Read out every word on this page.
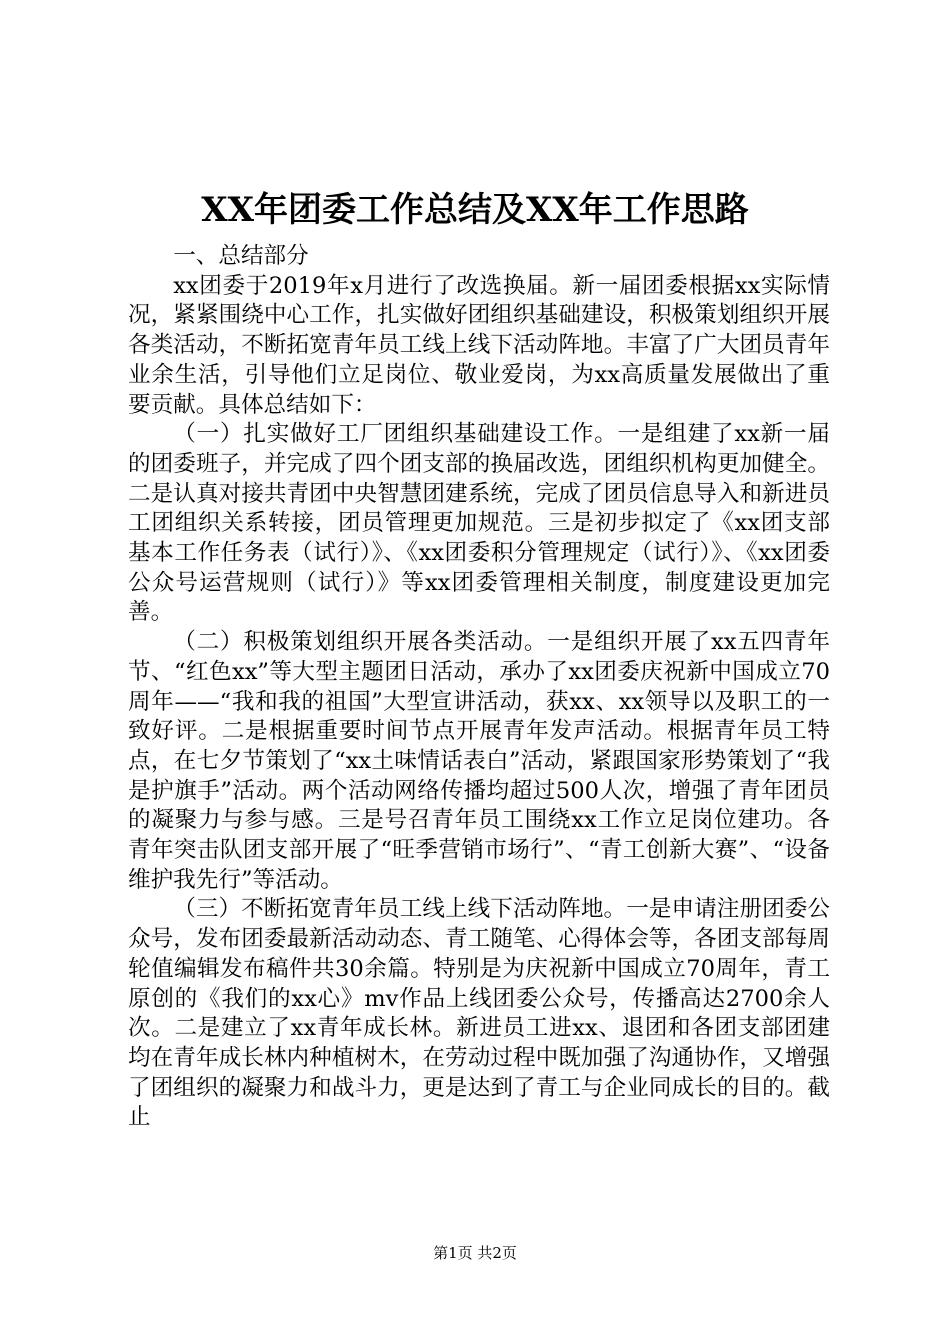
XX年团委工作总结及XX年工作思路

一、总结部分

xx团委于2019年x月进行了改选换届。新一届团委根据xx实际情况，紧紧围绕中心工作，扎实做好团组织基础建设，积极策划组织开展各类活动，不断拓宽青年员工线上线下活动阵地。丰富了广大团员青年业余生活，引导他们立足岗位、敬业爱岗，为xx高质量发展做出了重要贡献。具体总结如下：

（一）扎实做好工厂团组织基础建设工作。一是组建了xx新一届的团委班子，并完成了四个团支部的换届改选，团组织机构更加健全。二是认真对接共青团中央智慧团建系统，完成了团员信息导入和新进员工团组织关系转接，团员管理更加规范。三是初步拟定了《xx团支部基本工作任务表（试行）》、《xx团委积分管理规定（试行）》、《xx团委公众号运营规则（试行）》等xx团委管理相关制度，制度建设更加完善。

（二）积极策划组织开展各类活动。一是组织开展了xx五四青年节、“红色xx”等大型主题团日活动，承办了xx团委庆祝新中国成立70周年——“我和我的祖国”大型宣讲活动，获xx、xx领导以及职工的一致好评。二是根据重要时间节点开展青年发声活动。根据青年员工特点，在七夕节策划了“xx土味情话表白”活动，紧跟国家形势策划了“我是护旗手”活动。两个活动网络传播均超过500人次，增强了青年团员的凝聚力与参与感。三是号召青年员工围绕xx工作立足岗位建功。各青年突击队团支部开展了“旺季营销市场行”、“青工创新大赛”、“设备维护我先行”等活动。

（三）不断拓宽青年员工线上线下活动阵地。一是申请注册团委公众号，发布团委最新活动动态、青工随笔、心得体会等，各团支部每周轮值编辑发布稿件共30余篇。特别是为庆祝新中国成立70周年，青工原创的《我们的xx心》mv作品上线团委公众号，传播高达2700余人次。二是建立了xx青年成长林。新进员工进xx、退团和各团支部团建均在青年成长林内种植树木，在劳动过程中既加强了沟通协作，又增强了团组织的凝聚力和战斗力，更是达到了青工与企业同成长的目的。截止

第1页 共2页
